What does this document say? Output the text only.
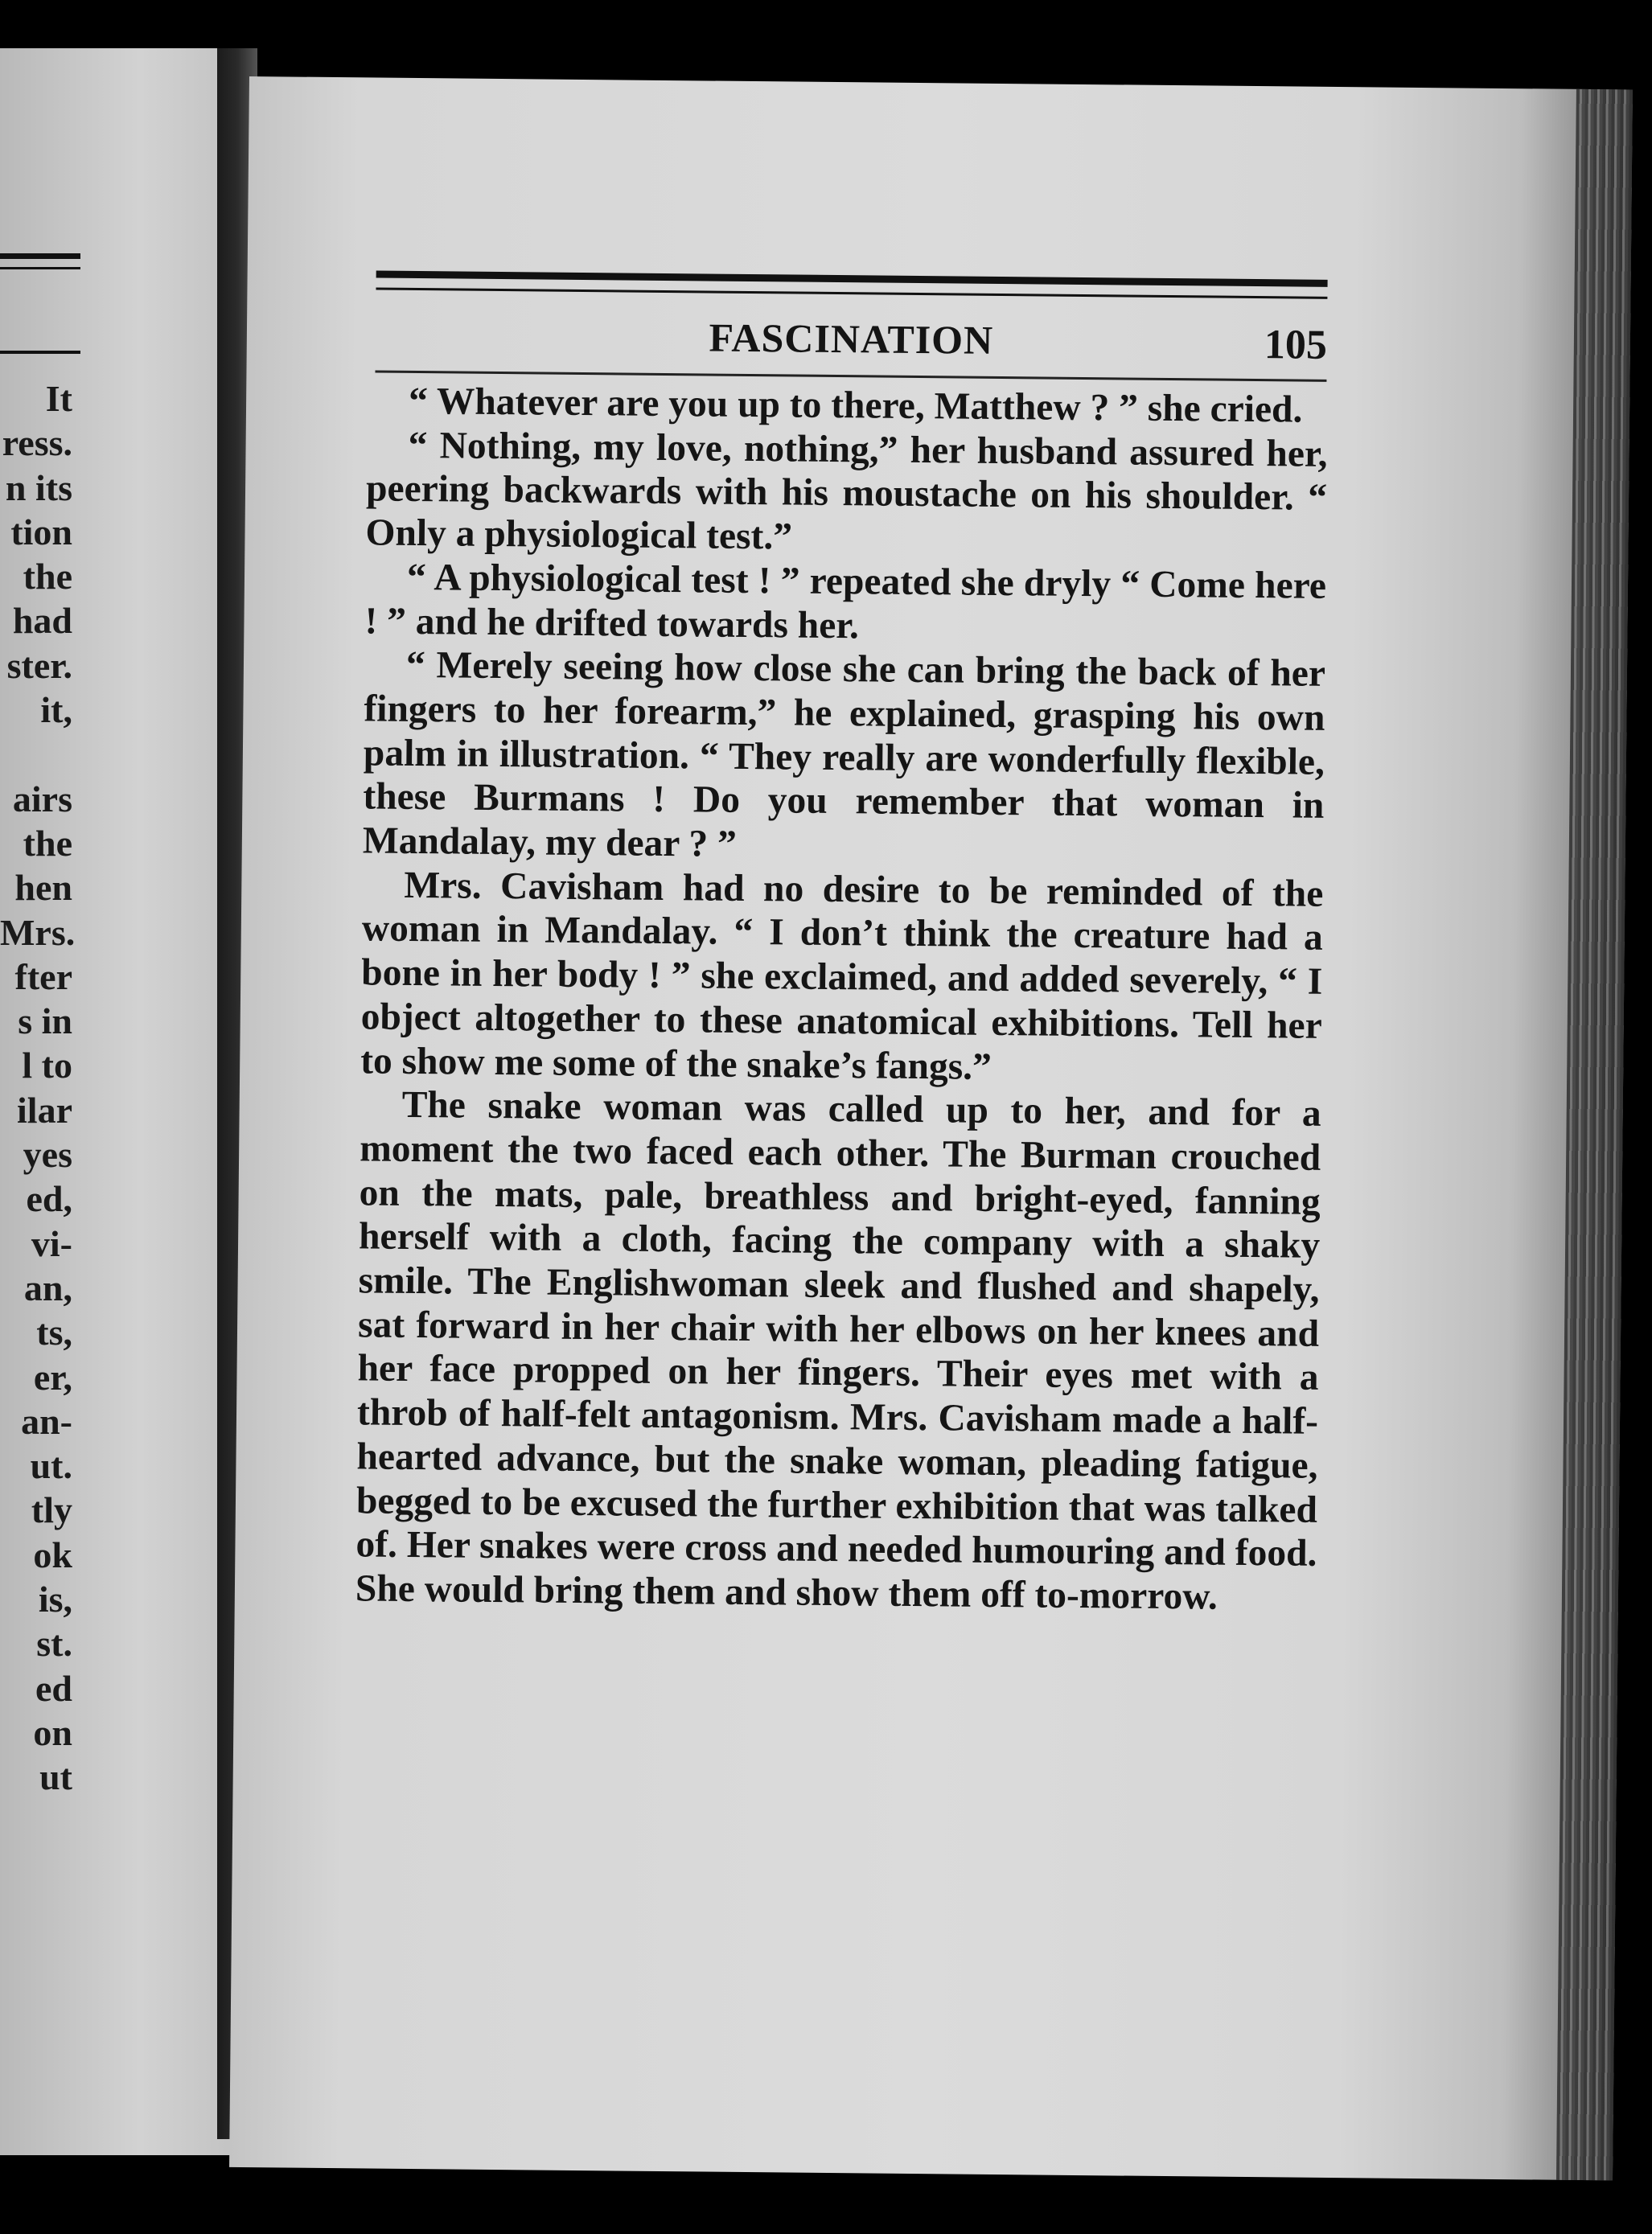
It
ress.
n its
tion
the
had
ster.
it,
airs
the
hen
Mrs.
fter
s in
l to
ilar
yes
ed,
vi-
an,
ts,
er,
an-
ut.
tly
ok
is,
st.
ed
on
ut
FASCINATION	105

“ Whatever are you up to there, Matthew ? ” she cried.

“ Nothing, my love, nothing,” her husband assured her, peering backwards with his moustache on his shoulder. “ Only a physiological test.”

“ A physiological test ! ” repeated she dryly “ Come here ! ” and he drifted towards her.

“ Merely seeing how close she can bring the back of her fingers to her forearm,” he explained, grasping his own palm in illustration. “ They really are wonderfully flexible, these Burmans ! Do you remember that woman in Mandalay, my dear ? ”

Mrs. Cavisham had no desire to be reminded of the woman in Mandalay. “ I don’t think the creature had a bone in her body ! ” she exclaimed, and added severely, “ I object altogether to these anatomical exhibitions. Tell her to show me some of the snake’s fangs.”

The snake woman was called up to her, and for a moment the two faced each other. The Burman crouched on the mats, pale, breathless and bright-eyed, fanning herself with a cloth, facing the company with a shaky smile. The Englishwoman sleek and flushed and shapely, sat forward in her chair with her elbows on her knees and her face propped on her fingers. Their eyes met with a throb of half-felt antagonism. Mrs. Cavisham made a half-hearted advance, but the snake woman, pleading fatigue, begged to be excused the further exhibition that was talked of. Her snakes were cross and needed humouring and food. She would bring them and show them off to-morrow.
